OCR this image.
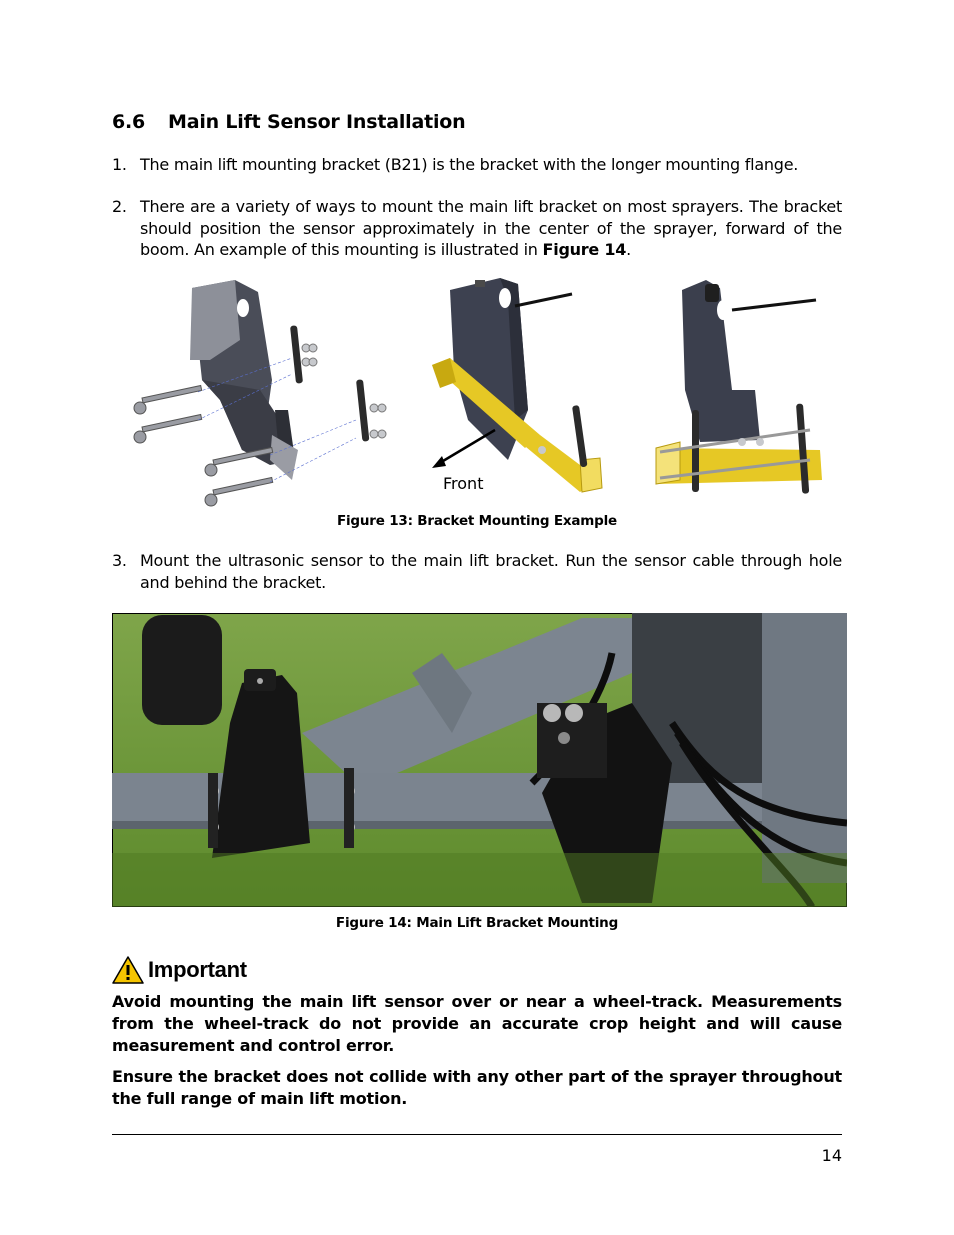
6.6 Main Lift Sensor Installation
1. The main lift mounting bracket (B21) is the bracket with the longer mounting flange.
2. There are a variety of ways to mount the main lift bracket on most sprayers. The bracket should position the sensor approximately in the center of the sprayer, forward of the boom. An example of this mounting is illustrated in Figure 14.
Front
Figure 13: Bracket Mounting Example
3. Mount the ultrasonic sensor to the main lift bracket. Run the sensor cable through hole and behind the bracket.
Figure 14: Main Lift Bracket Mounting
Important
Avoid mounting the main lift sensor over or near a wheel-track. Measurements from the wheel-track do not provide an accurate crop height and will cause measurement and control error.
Ensure the bracket does not collide with any other part of the sprayer throughout the full range of main lift motion.
14
